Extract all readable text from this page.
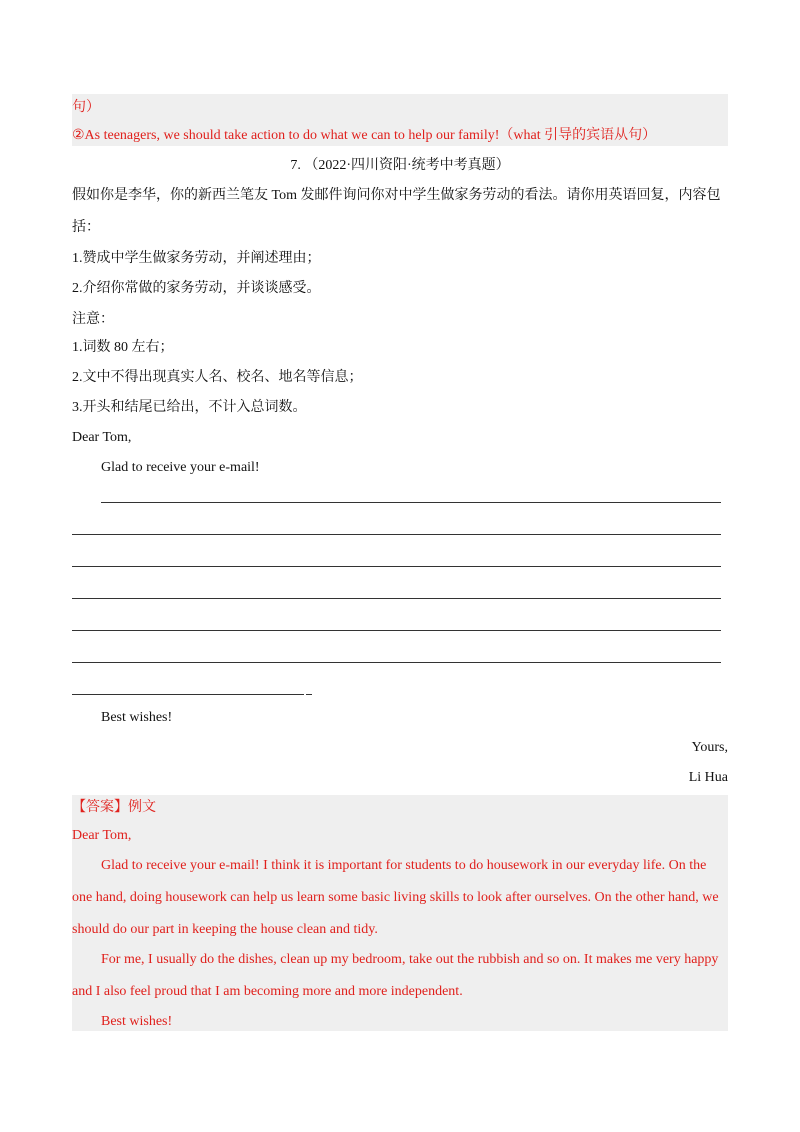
句）
②As teenagers, we should take action to do what we can to help our family!（what 引导的宾语从句）
7. （2022·四川资阳·统考中考真题）
假如你是李华，你的新西兰笔友 Tom 发邮件询问你对中学生做家务劳动的看法。请你用英语回复，内容包
括：
1.赞成中学生做家务劳动，并阐述理由；
2.介绍你常做的家务劳动，并谈谈感受。
注意：
1.词数 80 左右；
2.文中不得出现真实人名、校名、地名等信息；
3.开头和结尾已给出，不计入总词数。
Dear Tom,
Glad to receive your e-mail!
Best wishes!
Yours,
Li Hua
【答案】例文
Dear Tom,
Glad to receive your e-mail! I think it is important for students to do housework in our everyday life. On the
one hand, doing housework can help us learn some basic living skills to look after ourselves. On the other hand, we
should do our part in keeping the house clean and tidy.
For me, I usually do the dishes, clean up my bedroom, take out the rubbish and so on. It makes me very happy
and I also feel proud that I am becoming more and more independent.
Best wishes!
